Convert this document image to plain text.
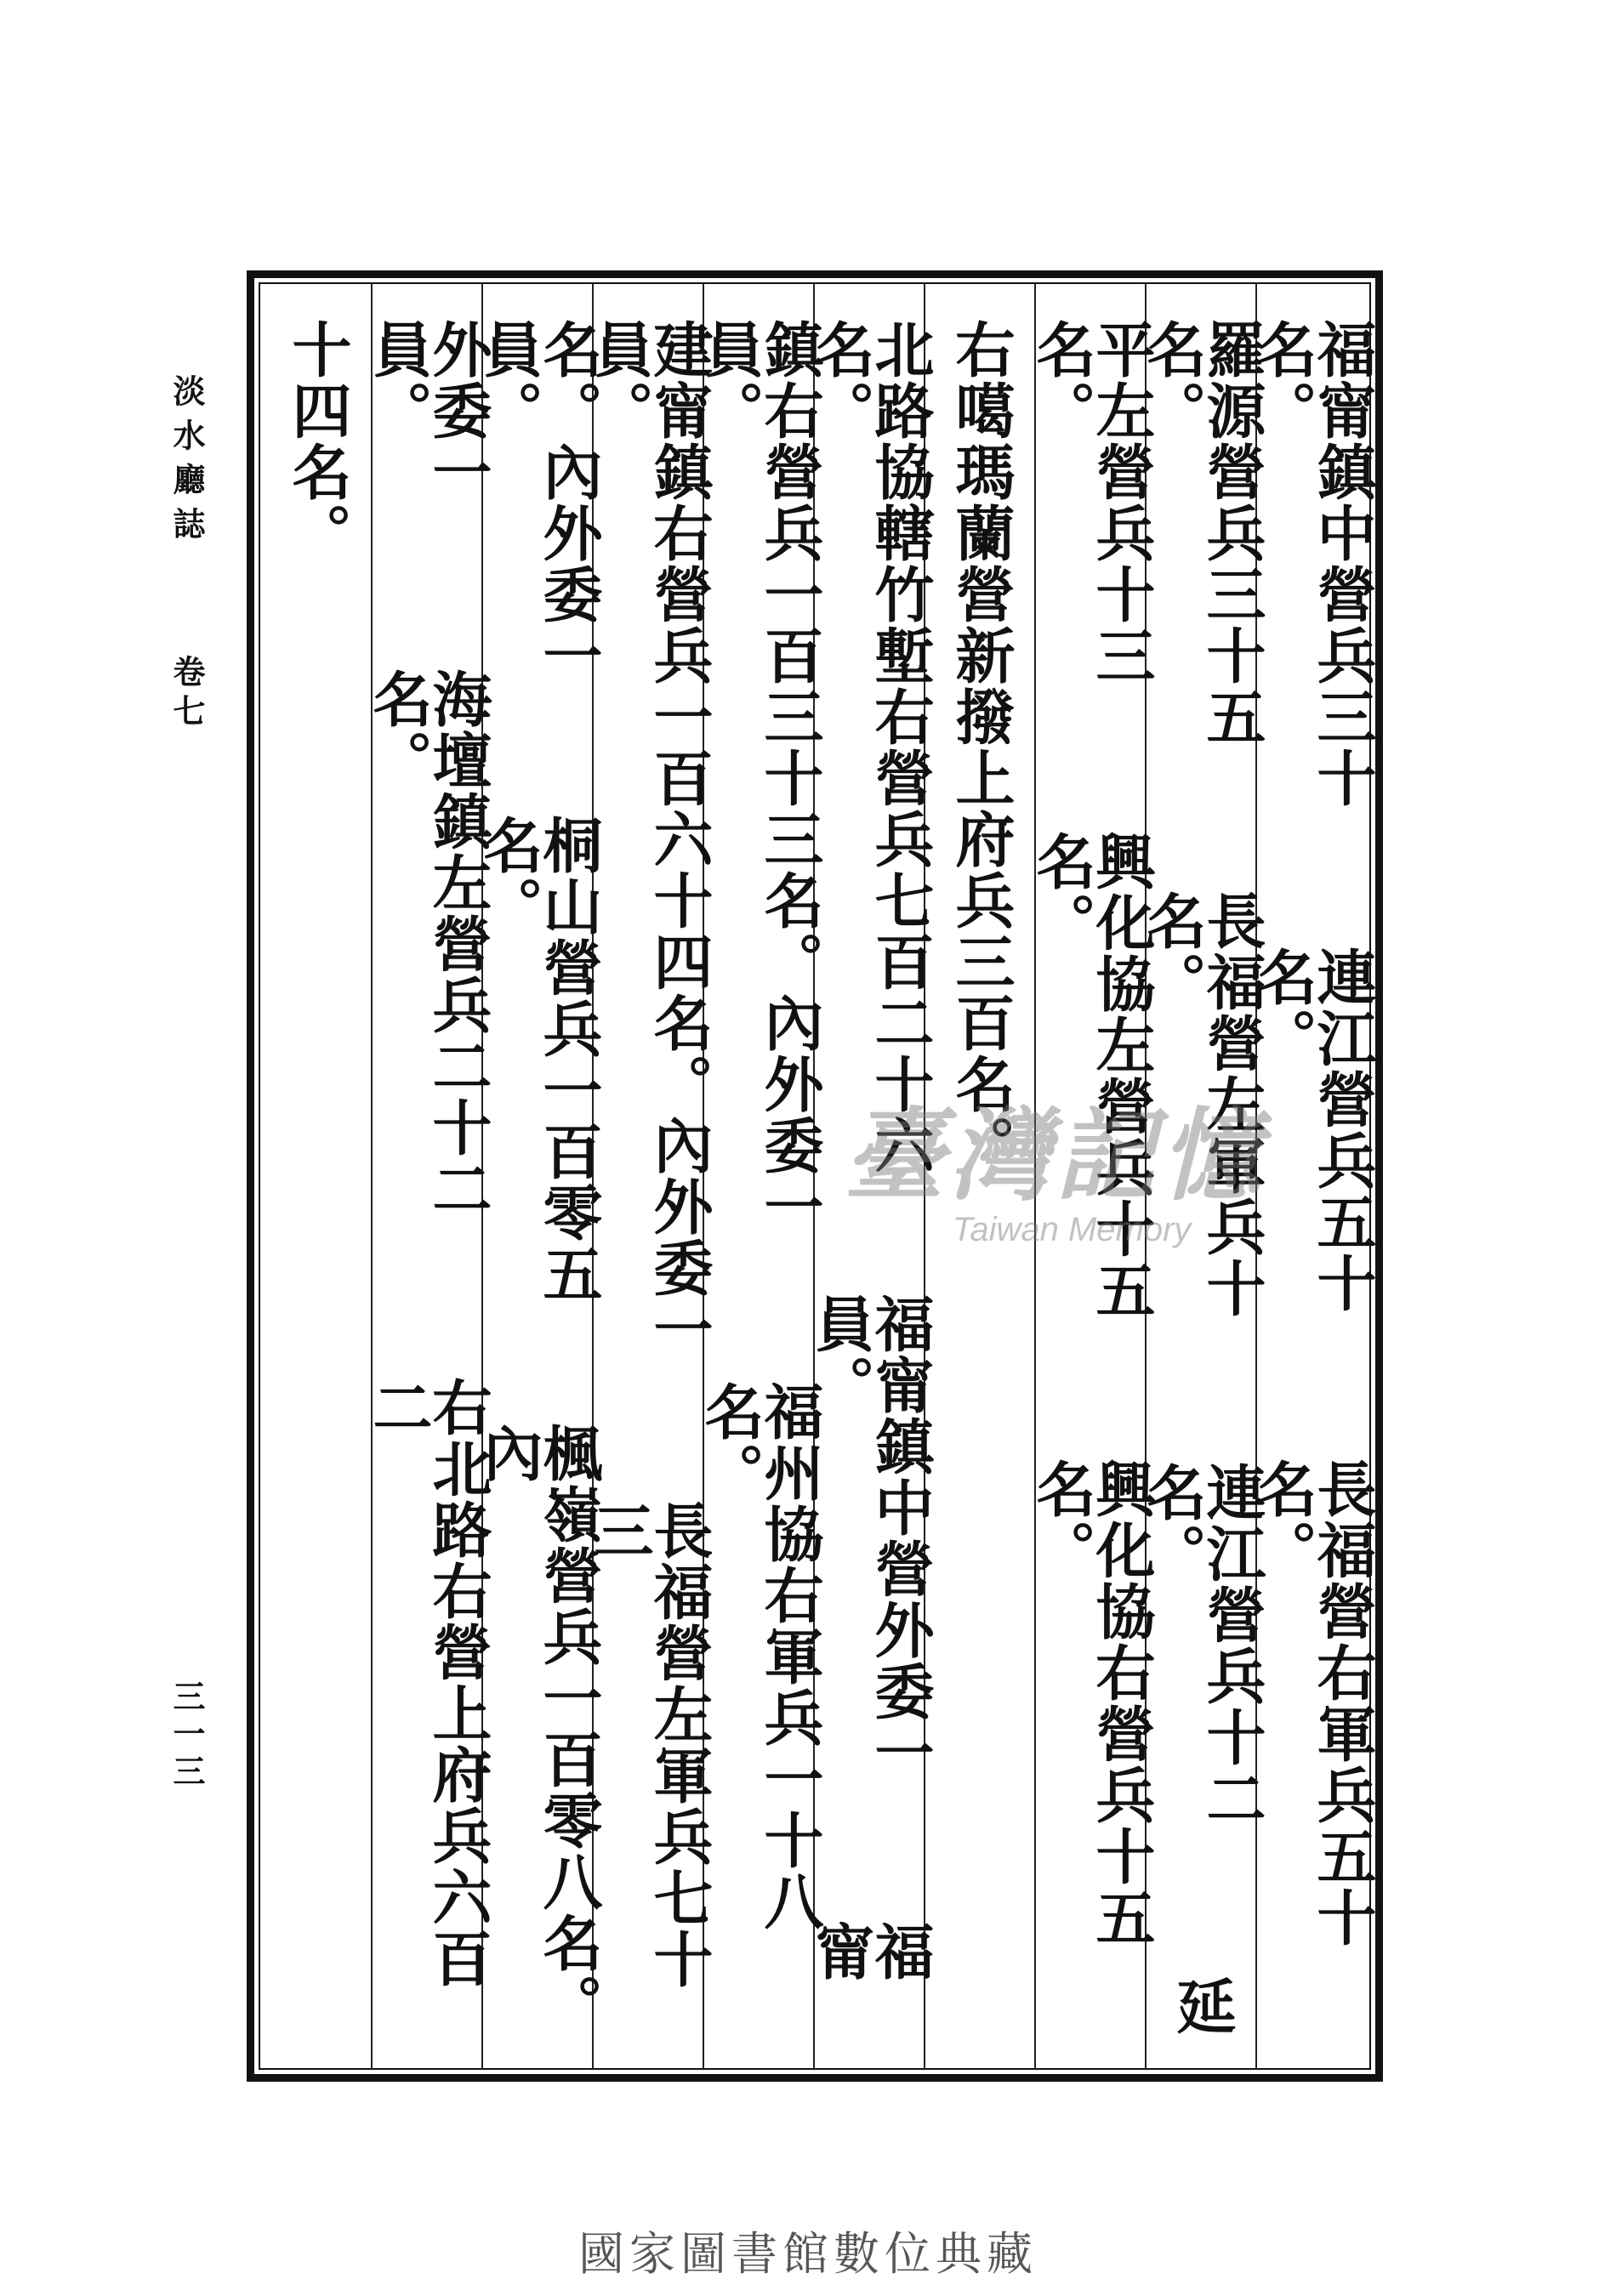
淡水廳誌
卷七
三一三
福甯鎮中營兵三十名。
連江營兵五十名。
長福營右軍兵五十名。
羅源營兵三十五名。
長福營左軍兵十名。
連江營兵十二名。
延
平左營兵十三名。
興化協左營兵十五名。
興化協右營兵十五名。
右噶瑪蘭營新撥上府兵三百名。
北路協轄竹塹右營兵七百二十六名。
福甯鎮中營外委一員。
福甯
鎮右營兵一百三十三名。內外委一員。
福州協右軍兵一十八名。
建甯鎮右營兵一百六十四名。內外委一員。
長福營左軍兵七十三
名。內外委一員。
桐山營兵一百零五名。
楓嶺營兵一百零八名。內
外委一員。
海壇鎮左營兵二十二名。
右北路右營上府兵六百二
十四名。
臺灣記憶
Taiwan Memory
國家圖書館數位典藏
